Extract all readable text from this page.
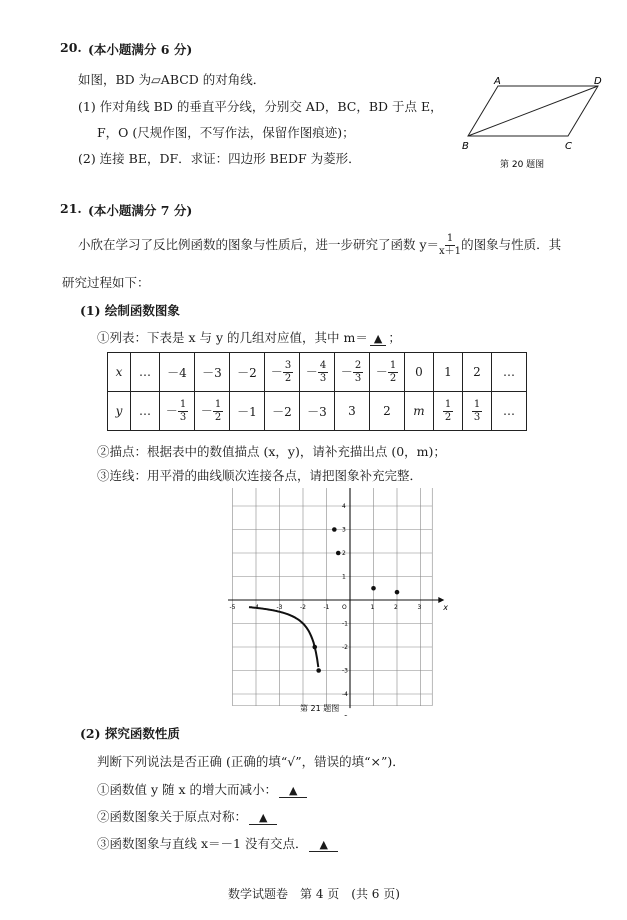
20. (本小题满分 6 分)
如图，BD 为▱ABCD 的对角线．
(1) 作对角线 BD 的垂直平分线，分别交 AD，BC，BD 于点 E，
F，O (尺规作图，不写作法，保留作图痕迹)；
(2) 连接 BE，DF．求证：四边形 BEDF 为菱形．
A	D
B	C
第 20 题图
21. (本小题满分 7 分)
小欣在学习了反比例函数的图象与性质后，进一步研究了函数 $y= \frac{1}{x+1}$ 的图象与性质．其
研究过程如下：
(1) 绘制函数图象
①列表：下表是 x 与 y 的几组对应值，其中 m＝ ▲ ；
x	…	－4	－3	－2	－ $\frac{3}{2}$	－ $\frac{4}{3}$	－ $\frac{2}{3}$	－ $\frac{1}{2}$	0	1	2	…
y	…	－ $\frac{1}{3}$	－ $\frac{1}{2}$	－1	－2	－3	3	2	m	$\frac{1}{2}$	$\frac{1}{3}$	…
②描点：根据表中的数值描点 (x，y)，请补充描出点 (0，m)；
③连线：用平滑的曲线顺次连接各点，请把图象补充完整．
x
-5	-4	-3	-2	-1 O	1	2	3
4
3
2
1
-1
-2
-3
-4
第 21 题图
(2) 探究函数性质
判断下列说法是否正确 (正确的填“√”，错误的填“×”)．
①函数值 y 随 x 的增大而减小： ▲
②函数图象关于原点对称： ▲
③函数图象与直线 x＝－1 没有交点． ▲
数学试题卷　第 4 页　(共 6 页)
